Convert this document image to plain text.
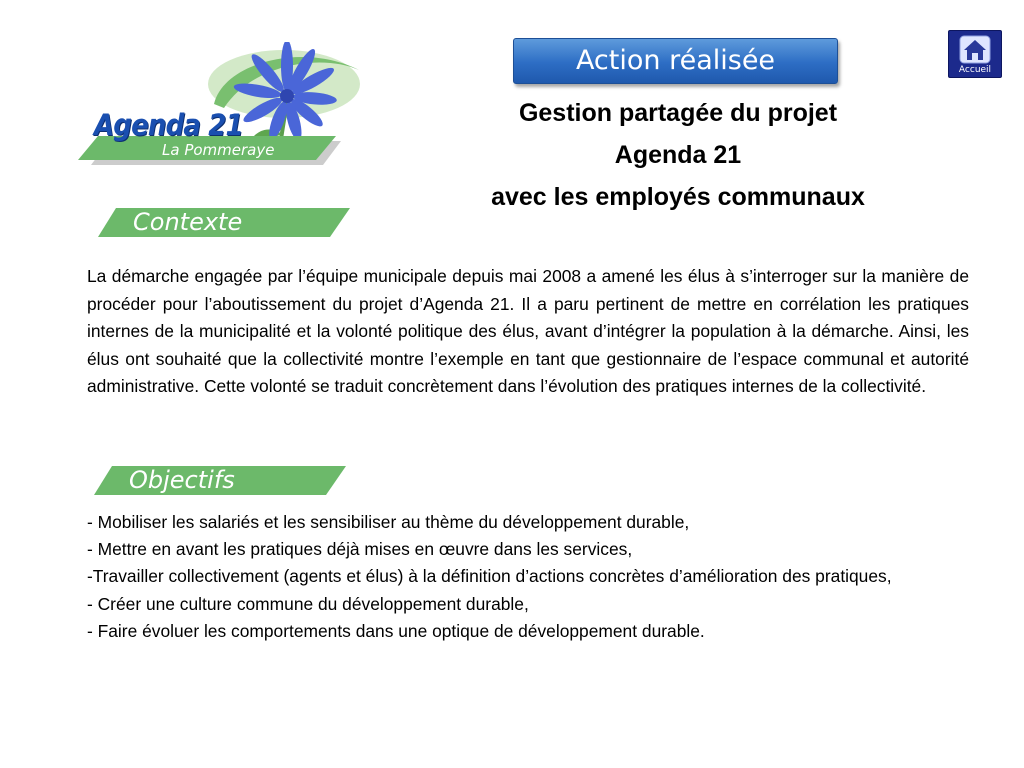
Agenda 21
La Pommeraye
Action réalisée	Accueil
Gestion partagée du projet
Agenda 21
avec les employés communaux
Contexte
La démarche engagée par l’équipe municipale depuis mai 2008 a amené les élus à s’interroger sur la manière de procéder pour l’aboutissement du projet d’Agenda 21. Il a paru pertinent de mettre en corrélation les pratiques internes de la municipalité et la volonté politique des élus, avant d’intégrer la population à la démarche. Ainsi, les élus ont souhaité que la collectivité montre l’exemple en tant que gestionnaire de l’espace communal et autorité administrative. Cette volonté se traduit concrètement dans l’évolution des pratiques internes de la collectivité.
Objectifs
- Mobiliser les salariés et les sensibiliser au thème du développement durable,
- Mettre en avant les pratiques déjà mises en œuvre dans les services,
-Travailler collectivement (agents et élus) à la définition d’actions concrètes d’amélioration des pratiques,
- Créer une culture commune du développement durable,
- Faire évoluer les comportements dans une optique de développement durable.
